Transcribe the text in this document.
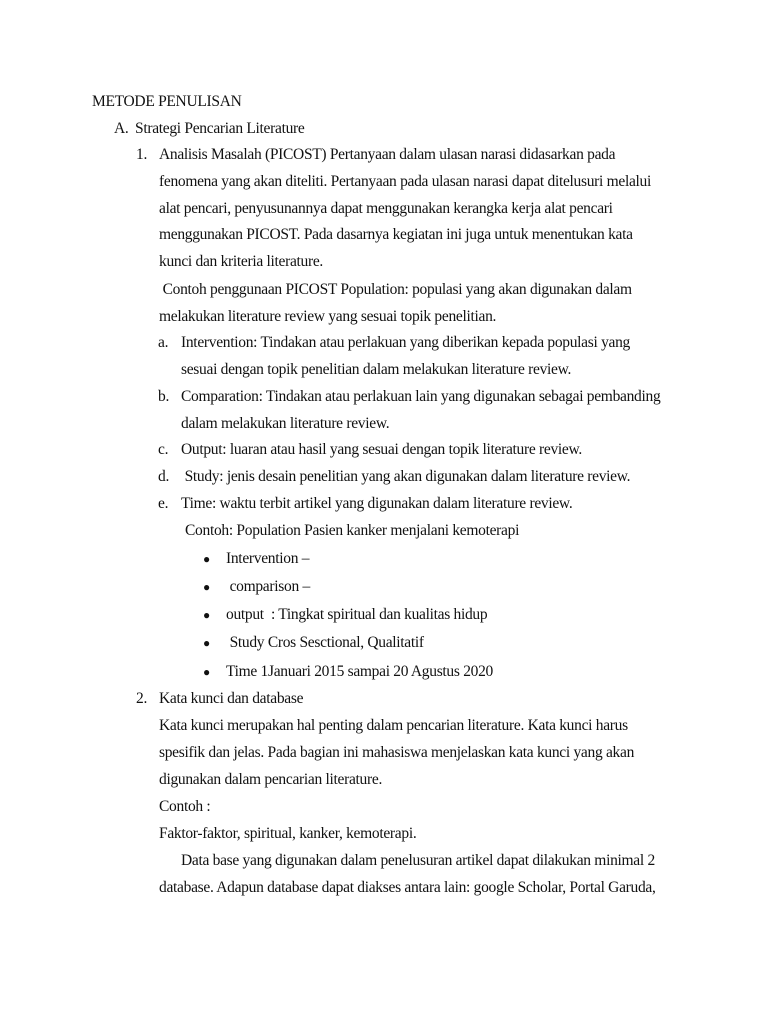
METODE PENULISAN
A. Strategi Pencarian Literature
1. Analisis Masalah (PICOST) Pertanyaan dalam ulasan narasi didasarkan pada fenomena yang akan diteliti. Pertanyaan pada ulasan narasi dapat ditelusuri melalui alat pencari, penyusunannya dapat menggunakan kerangka kerja alat pencari menggunakan PICOST. Pada dasarnya kegiatan ini juga untuk menentukan kata kunci dan kriteria literature.
Contoh penggunaan PICOST Population: populasi yang akan digunakan dalam melakukan literature review yang sesuai topik penelitian.
a. Intervention: Tindakan atau perlakuan yang diberikan kepada populasi yang sesuai dengan topik penelitian dalam melakukan literature review.
b. Comparation: Tindakan atau perlakuan lain yang digunakan sebagai pembanding dalam melakukan literature review.
c. Output: luaran atau hasil yang sesuai dengan topik literature review.
d. Study: jenis desain penelitian yang akan digunakan dalam literature review.
e. Time: waktu terbit artikel yang digunakan dalam literature review.
Contoh: Population Pasien kanker menjalani kemoterapi
● Intervention –
● comparison –
● output  : Tingkat spiritual dan kualitas hidup
● Study Cros Sesctional, Qualitatif
● Time 1Januari 2015 sampai 20 Agustus 2020
2. Kata kunci dan database
Kata kunci merupakan hal penting dalam pencarian literature. Kata kunci harus spesifik dan jelas. Pada bagian ini mahasiswa menjelaskan kata kunci yang akan digunakan dalam pencarian literature.
Contoh :
Faktor-faktor, spiritual, kanker, kemoterapi.
Data base yang digunakan dalam penelusuran artikel dapat dilakukan minimal 2
database. Adapun database dapat diakses antara lain: google Scholar, Portal Garuda,
